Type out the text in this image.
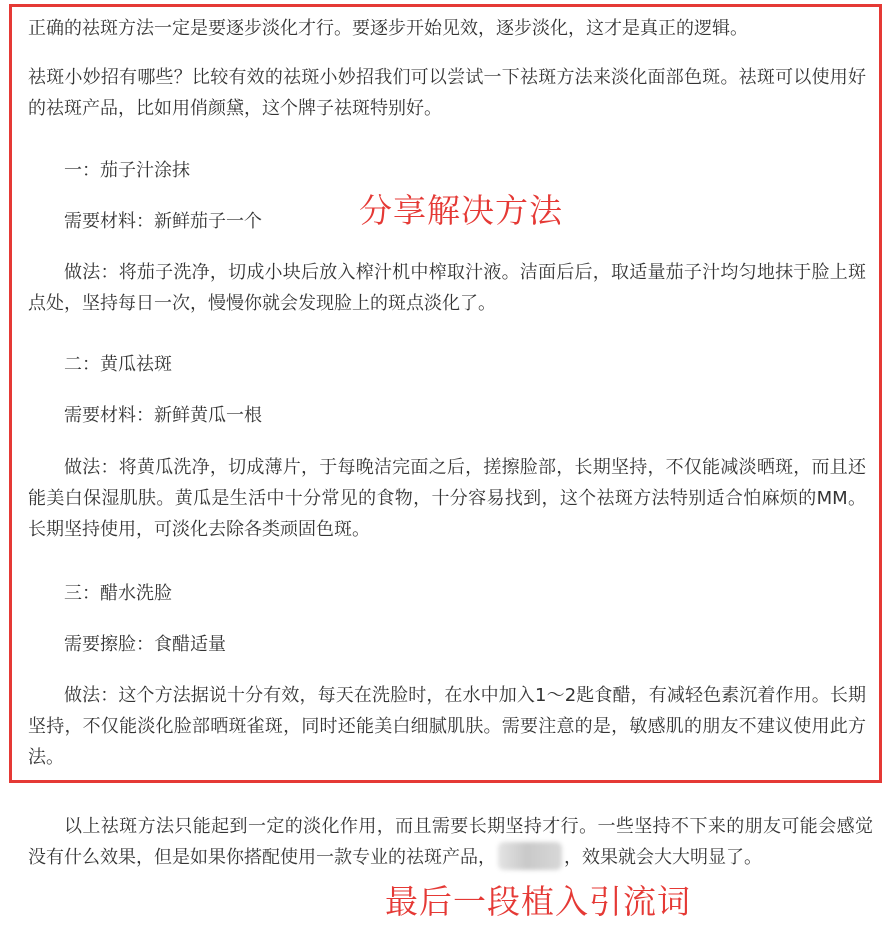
正确的祛斑方法一定是要逐步淡化才行。要逐步开始见效，逐步淡化，这才是真正的逻辑。

祛斑小妙招有哪些？比较有效的祛斑小妙招我们可以尝试一下祛斑方法来淡化面部色斑。祛斑可以使用好的祛斑产品，比如用俏颜黛，这个牌子祛斑特别好。

一：茄子汁涂抹

需要材料：新鲜茄子一个

做法：将茄子洗净，切成小块后放入榨汁机中榨取汁液。洁面后后，取适量茄子汁均匀地抹于脸上斑点处，坚持每日一次，慢慢你就会发现脸上的斑点淡化了。

二：黄瓜祛斑

需要材料：新鲜黄瓜一根

做法：将黄瓜洗净，切成薄片，于每晚洁完面之后，搓擦脸部，长期坚持，不仅能减淡晒斑，而且还能美白保湿肌肤。黄瓜是生活中十分常见的食物，十分容易找到，这个祛斑方法特别适合怕麻烦的MM。长期坚持使用，可淡化去除各类顽固色斑。

三：醋水洗脸

需要擦脸：食醋适量

做法：这个方法据说十分有效，每天在洗脸时，在水中加入1～2匙食醋，有减轻色素沉着作用。长期坚持，不仅能淡化脸部晒斑雀斑，同时还能美白细腻肌肤。需要注意的是，敏感肌的朋友不建议使用此方法。

以上祛斑方法只能起到一定的淡化作用，而且需要长期坚持才行。一些坚持不下来的朋友可能会感觉没有什么效果，但是如果你搭配使用一款专业的祛斑产品，	，效果就会大大明显了。

分享解决方法
最后一段植入引流词
